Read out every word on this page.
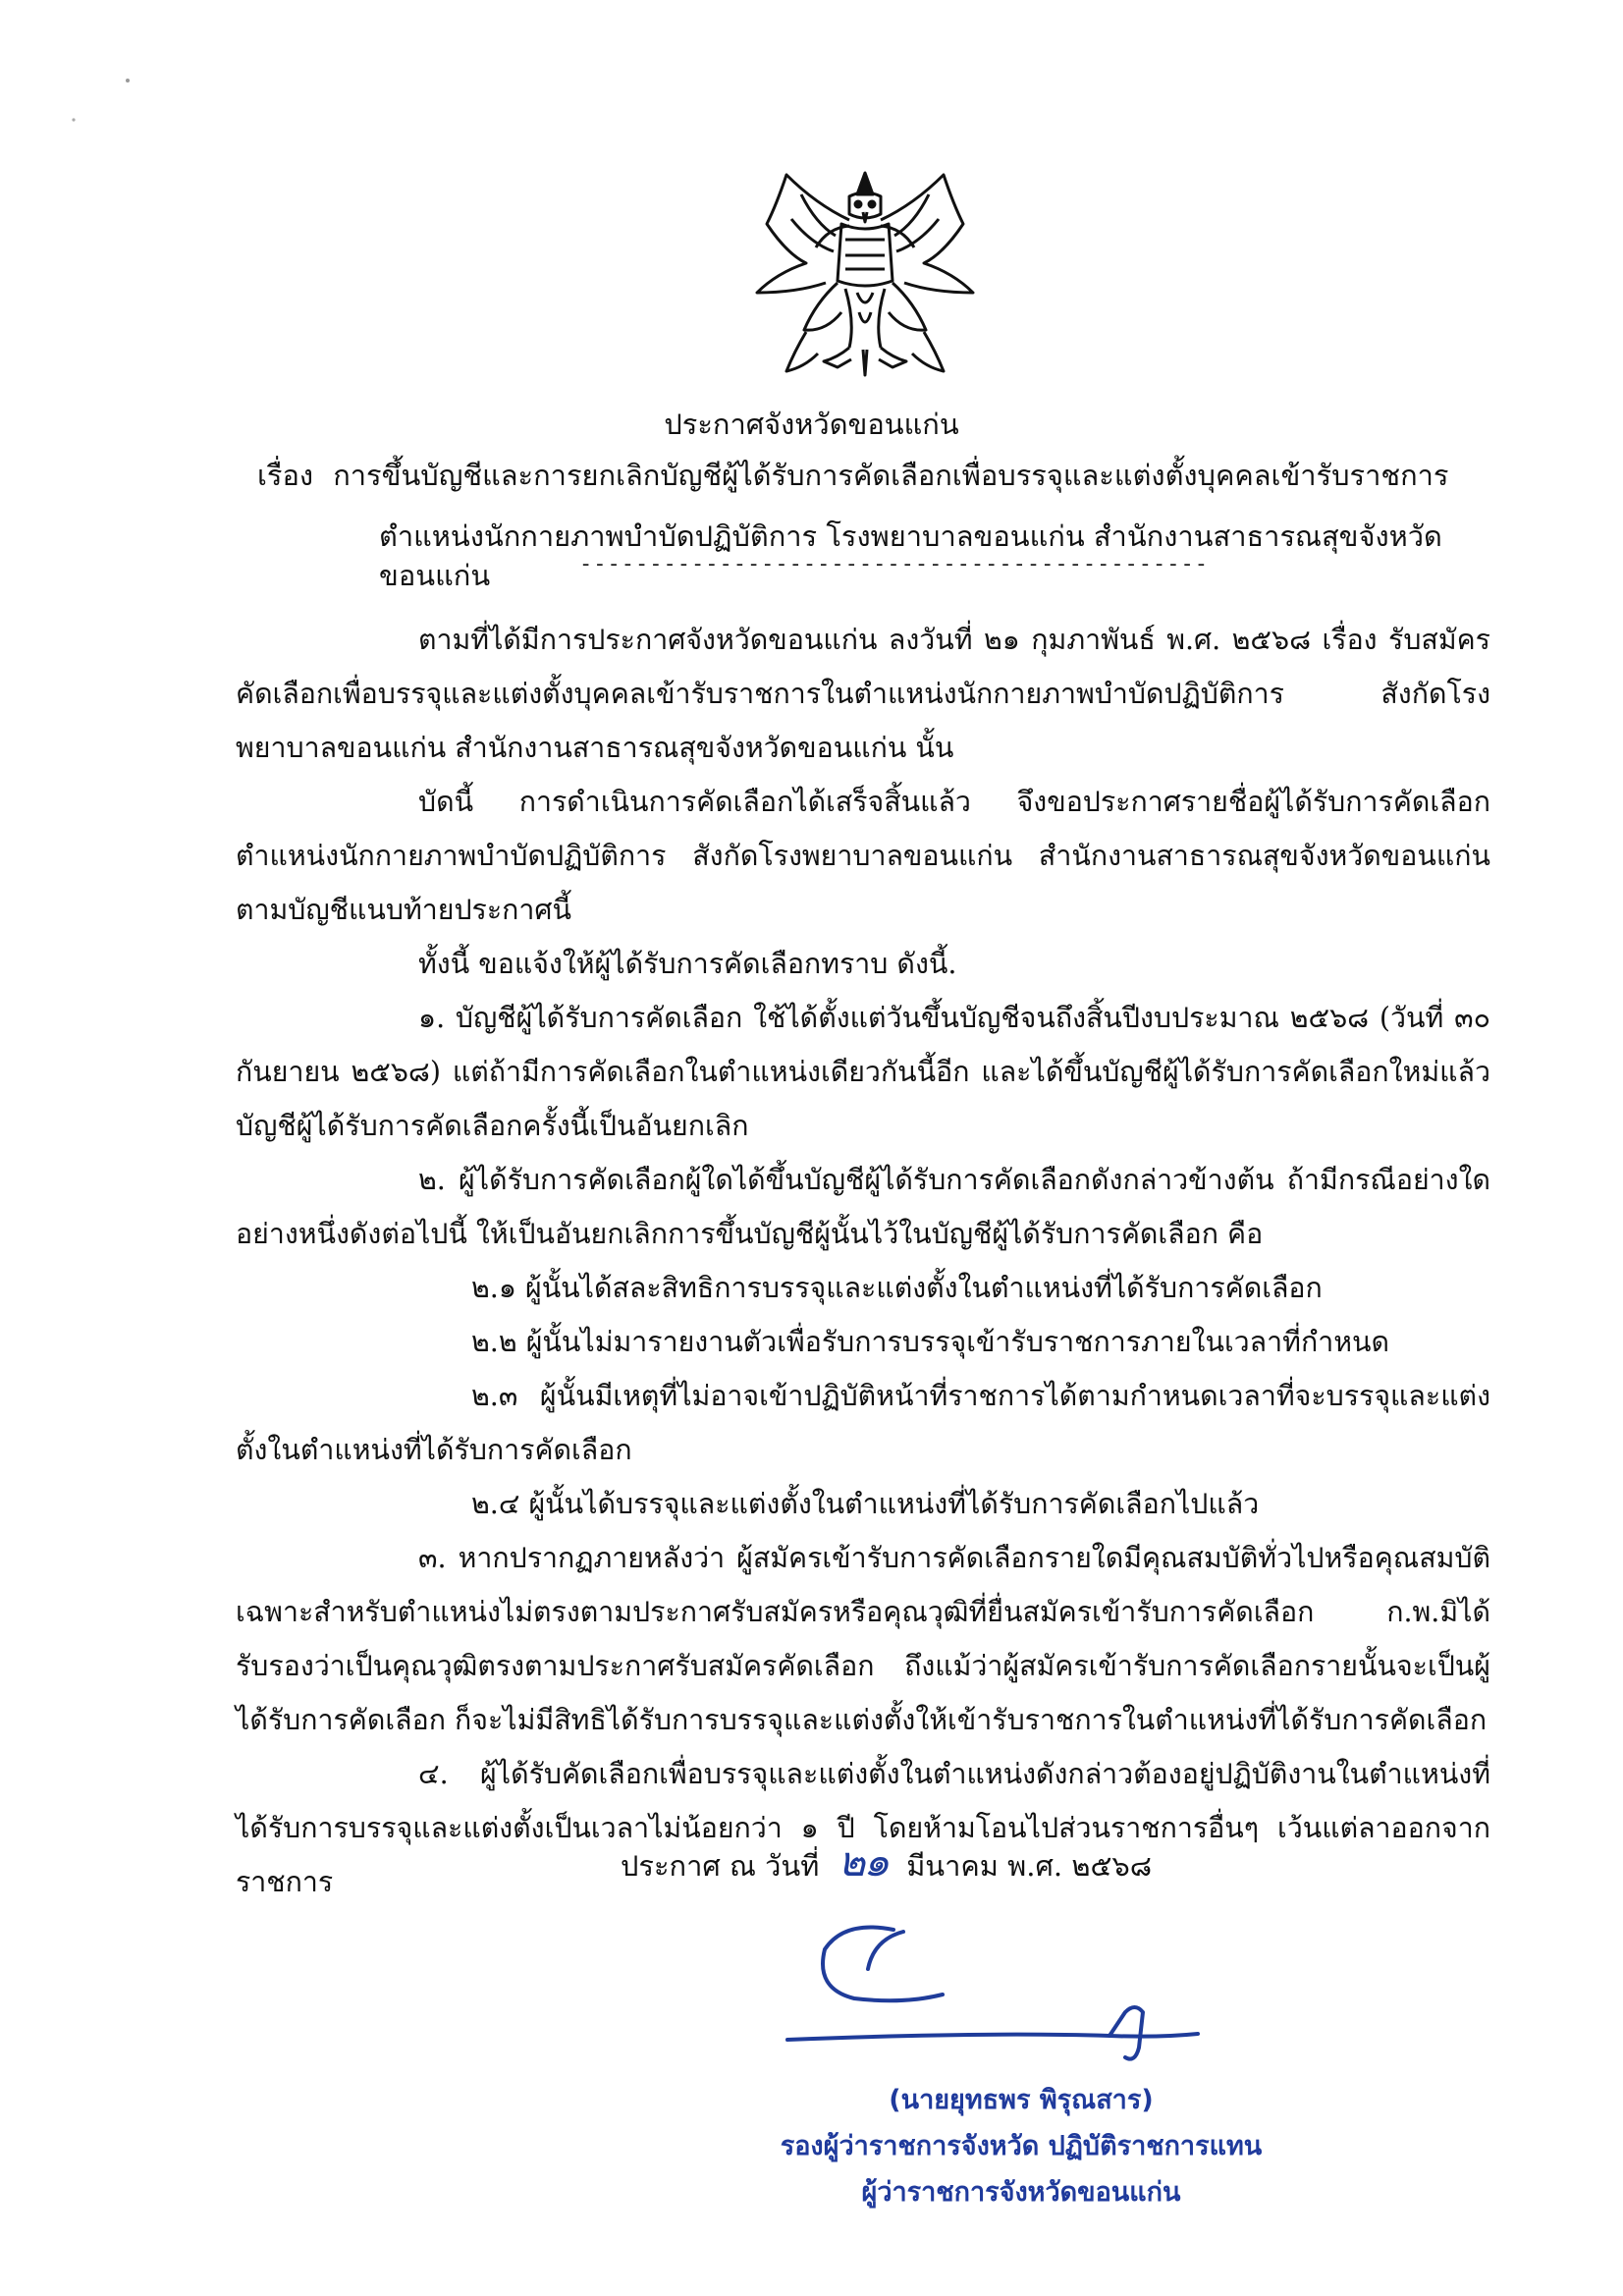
ประกาศจังหวัดขอนแก่น
เรื่อง การขึ้นบัญชีและการยกเลิกบัญชีผู้ได้รับการคัดเลือกเพื่อบรรจุและแต่งตั้งบุคคลเข้ารับราชการ
ตำแหน่งนักกายภาพบำบัดปฏิบัติการ โรงพยาบาลขอนแก่น สำนักงานสาธารณสุขจังหวัดขอนแก่น	---------------------------------------------

ตามที่ได้มีการประกาศจังหวัดขอนแก่น ลงวันที่ ๒๑ กุมภาพันธ์ พ.ศ. ๒๕๖๘ เรื่อง รับสมัครคัดเลือกเพื่อบรรจุและแต่งตั้งบุคคลเข้ารับราชการในตำแหน่งนักกายภาพบำบัดปฏิบัติการ สังกัดโรงพยาบาลขอนแก่น สำนักงานสาธารณสุขจังหวัดขอนแก่น นั้น

บัดนี้ การดำเนินการคัดเลือกได้เสร็จสิ้นแล้ว จึงขอประกาศรายชื่อผู้ได้รับการคัดเลือก ตำแหน่งนักกายภาพบำบัดปฏิบัติการ สังกัดโรงพยาบาลขอนแก่น สำนักงานสาธารณสุขจังหวัดขอนแก่น ตามบัญชีแนบท้ายประกาศนี้

ทั้งนี้ ขอแจ้งให้ผู้ได้รับการคัดเลือกทราบ ดังนี้.

๑. บัญชีผู้ได้รับการคัดเลือก ใช้ได้ตั้งแต่วันขึ้นบัญชีจนถึงสิ้นปีงบประมาณ ๒๕๖๘ (วันที่ ๓๐ กันยายน ๒๕๖๘) แต่ถ้ามีการคัดเลือกในตำแหน่งเดียวกันนี้อีก และได้ขึ้นบัญชีผู้ได้รับการคัดเลือกใหม่แล้ว บัญชีผู้ได้รับการคัดเลือกครั้งนี้เป็นอันยกเลิก

๒. ผู้ได้รับการคัดเลือกผู้ใดได้ขึ้นบัญชีผู้ได้รับการคัดเลือกดังกล่าวข้างต้น ถ้ามีกรณีอย่างใดอย่างหนึ่งดังต่อไปนี้ ให้เป็นอันยกเลิกการขึ้นบัญชีผู้นั้นไว้ในบัญชีผู้ได้รับการคัดเลือก คือ

๒.๑ ผู้นั้นได้สละสิทธิการบรรจุและแต่งตั้งในตำแหน่งที่ได้รับการคัดเลือก

๒.๒ ผู้นั้นไม่มารายงานตัวเพื่อรับการบรรจุเข้ารับราชการภายในเวลาที่กำหนด

๒.๓ ผู้นั้นมีเหตุที่ไม่อาจเข้าปฏิบัติหน้าที่ราชการได้ตามกำหนดเวลาที่จะบรรจุและแต่งตั้งในตำแหน่งที่ได้รับการคัดเลือก

๒.๔ ผู้นั้นได้บรรจุและแต่งตั้งในตำแหน่งที่ได้รับการคัดเลือกไปแล้ว

๓. หากปรากฏภายหลังว่า ผู้สมัครเข้ารับการคัดเลือกรายใดมีคุณสมบัติทั่วไปหรือคุณสมบัติเฉพาะสำหรับตำแหน่งไม่ตรงตามประกาศรับสมัครหรือคุณวุฒิที่ยื่นสมัครเข้ารับการคัดเลือก ก.พ.มิได้รับรองว่าเป็นคุณวุฒิตรงตามประกาศรับสมัครคัดเลือก ถึงแม้ว่าผู้สมัครเข้ารับการคัดเลือกรายนั้นจะเป็นผู้ได้รับการคัดเลือก ก็จะไม่มีสิทธิได้รับการบรรจุและแต่งตั้งให้เข้ารับราชการในตำแหน่งที่ได้รับการคัดเลือก

๔. ผู้ได้รับคัดเลือกเพื่อบรรจุและแต่งตั้งในตำแหน่งดังกล่าวต้องอยู่ปฏิบัติงานในตำแหน่งที่ได้รับการบรรจุและแต่งตั้งเป็นเวลาไม่น้อยกว่า ๑ ปี โดยห้ามโอนไปส่วนราชการอื่นๆ เว้นแต่ลาออกจากราชการ	ประกาศ ณ วันที่ ๒๑ มีนาคม พ.ศ. ๒๕๖๘
(นายยุทธพร พิรุณสาร)
รองผู้ว่าราชการจังหวัด ปฏิบัติราชการแทน
ผู้ว่าราชการจังหวัดขอนแก่น
